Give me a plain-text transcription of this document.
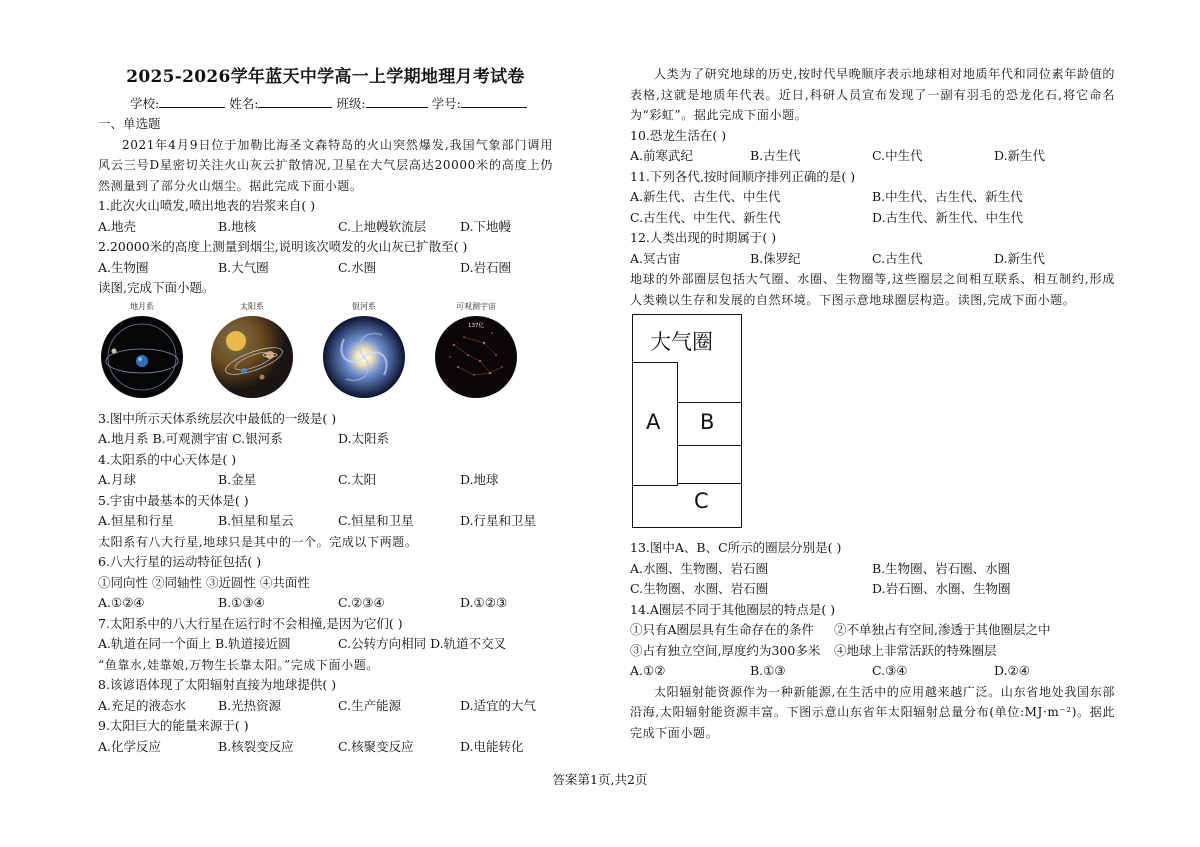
2025-2026学年蓝天中学高一上学期地理月考试卷
学校:	姓名:	班级:	学号:
一、单选题
2021年4月9日位于加勒比海圣文森特岛的火山突然爆发,我国气象部门调用风云三号D星密切关注火山灰云扩散情况,卫星在大气层高达20000米的高度上仍然测量到了部分火山烟尘。据此完成下面小题。
1.此次火山喷发,喷出地表的岩浆来自( )
A.地壳	B.地核	C.上地幔软流层	D.下地幔
2.20000米的高度上测量到烟尘,说明该次喷发的火山灰已扩散至( )
A.生物圈	B.大气圈	C.水圈	D.岩石圈
读图,完成下面小题。
地月系	太阳系	银河系	可观测宇宙
137亿
3.图中所示天体系统层次中最低的一级是( )
A.地月系 B.可观测宇宙 C.银河系	D.太阳系
4.太阳系的中心天体是( )
A.月球	B.金星	C.太阳	D.地球
5.宇宙中最基本的天体是( )
A.恒星和行星	B.恒星和星云	C.恒星和卫星	D.行星和卫星
太阳系有八大行星,地球只是其中的一个。完成以下两题。
6.八大行星的运动特征包括( )
①同向性 ②同轴性 ③近圆性 ④共面性
A.①②④	B.①③④	C.②③④	D.①②③
7.太阳系中的八大行星在运行时不会相撞,是因为它们( )
A.轨道在同一个面上 B.轨道接近圆	C.公转方向相同 D.轨道不交叉
“鱼靠水,娃靠娘,万物生长靠太阳。”完成下面小题。
8.该谚语体现了太阳辐射直接为地球提供( )
A.充足的液态水	B.光热资源	C.生产能源	D.适宜的大气
9.太阳巨大的能量来源于( )
A.化学反应	B.核裂变反应	C.核聚变反应	D.电能转化
人类为了研究地球的历史,按时代早晚顺序表示地球相对地质年代和同位素年龄值的表格,这就是地质年代表。近日,科研人员宣布发现了一副有羽毛的恐龙化石,将它命名为“彩虹”。据此完成下面小题。
10.恐龙生活在( )
A.前寒武纪	B.古生代	C.中生代	D.新生代
11.下列各代,按时间顺序排列正确的是( )
A.新生代、古生代、中生代	B.中生代、古生代、新生代
C.古生代、中生代、新生代	D.古生代、新生代、中生代
12.人类出现的时期属于( )
A.冥古宙	B.侏罗纪	C.古生代	D.新生代
地球的外部圈层包括大气圈、水圈、生物圈等,这些圈层之间相互联系、相互制约,形成人类赖以生存和发展的自然环境。下图示意地球圈层构造。读图,完成下面小题。
大气圈
C
B
A
13.图中A、B、C所示的圈层分别是( )
A.水圈、生物圈、岩石圈	B.生物圈、岩石圈、水圈
C.生物圈、水圈、岩石圈	D.岩石圈、水圈、生物圈
14.A圈层不同于其他圈层的特点是( )
①只有A圈层具有生命存在的条件 ②不单独占有空间,渗透于其他圈层之中
③占有独立空间,厚度约为300多米 ④地球上非常活跃的特殊圈层
A.①②	B.①③	C.③④	D.②④
太阳辐射能资源作为一种新能源,在生活中的应用越来越广泛。山东省地处我国东部沿海,太阳辐射能资源丰富。下图示意山东省年太阳辐射总量分布(单位:MJ·m⁻²)。据此完成下面小题。
答案第1页,共2页
